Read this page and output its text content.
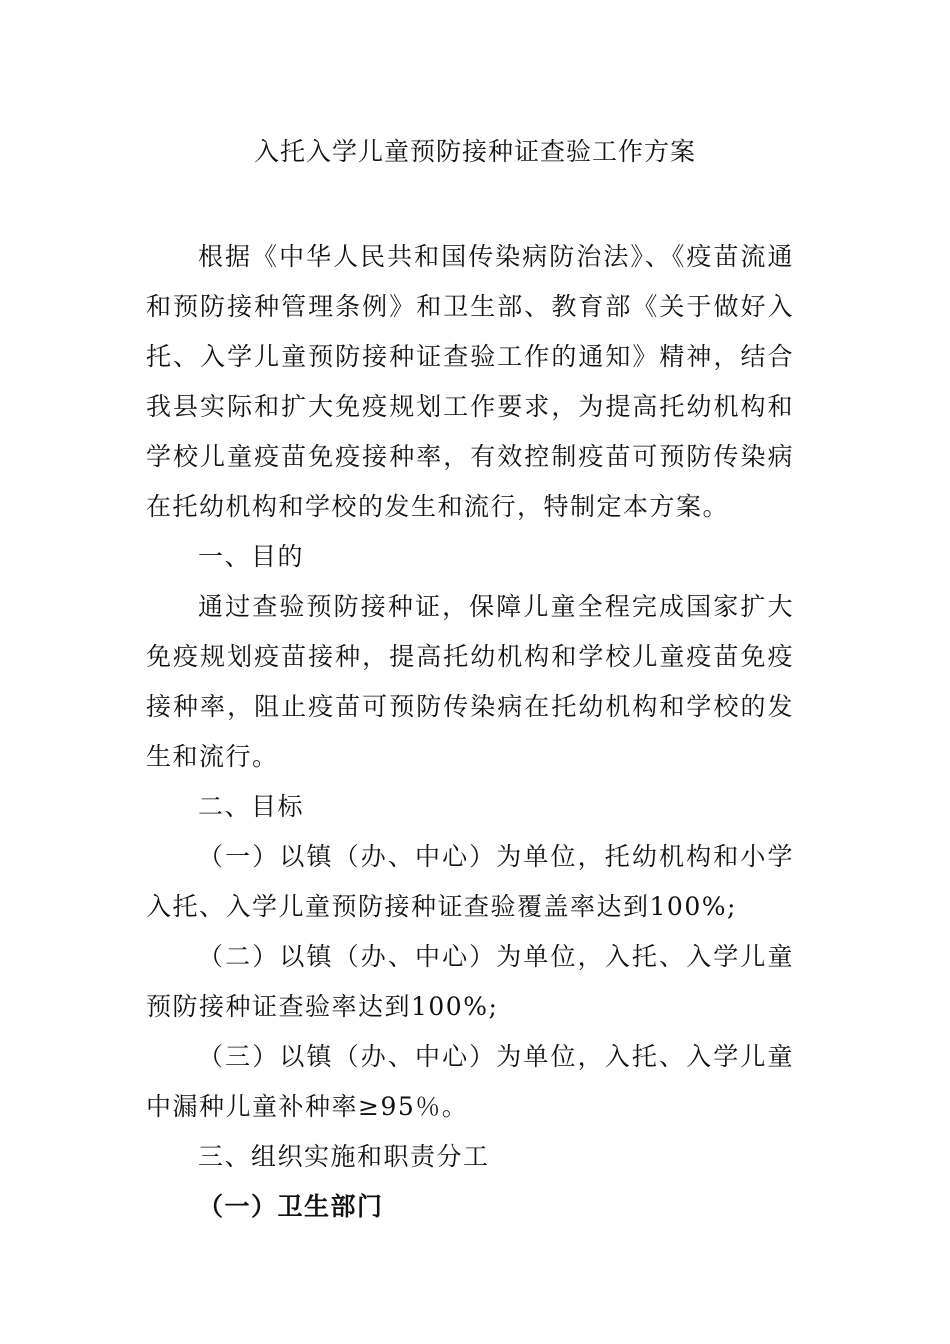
入托入学儿童预防接种证查验工作方案

根据《中华人民共和国传染病防治法》、《疫苗流通和预防接种管理条例》和卫生部、教育部《关于做好入托、入学儿童预防接种证查验工作的通知》精神，结合我县实际和扩大免疫规划工作要求，为提高托幼机构和学校儿童疫苗免疫接种率，有效控制疫苗可预防传染病在托幼机构和学校的发生和流行，特制定本方案。

一、目的

通过查验预防接种证，保障儿童全程完成国家扩大免疫规划疫苗接种，提高托幼机构和学校儿童疫苗免疫接种率，阻止疫苗可预防传染病在托幼机构和学校的发生和流行。

二、目标

（一）以镇（办、中心）为单位，托幼机构和小学入托、入学儿童预防接种证查验覆盖率达到100%;

（二）以镇（办、中心）为单位，入托、入学儿童预防接种证查验率达到100%;

（三）以镇（办、中心）为单位，入托、入学儿童中漏种儿童补种率≥95％。

三、组织实施和职责分工

（一）卫生部门
